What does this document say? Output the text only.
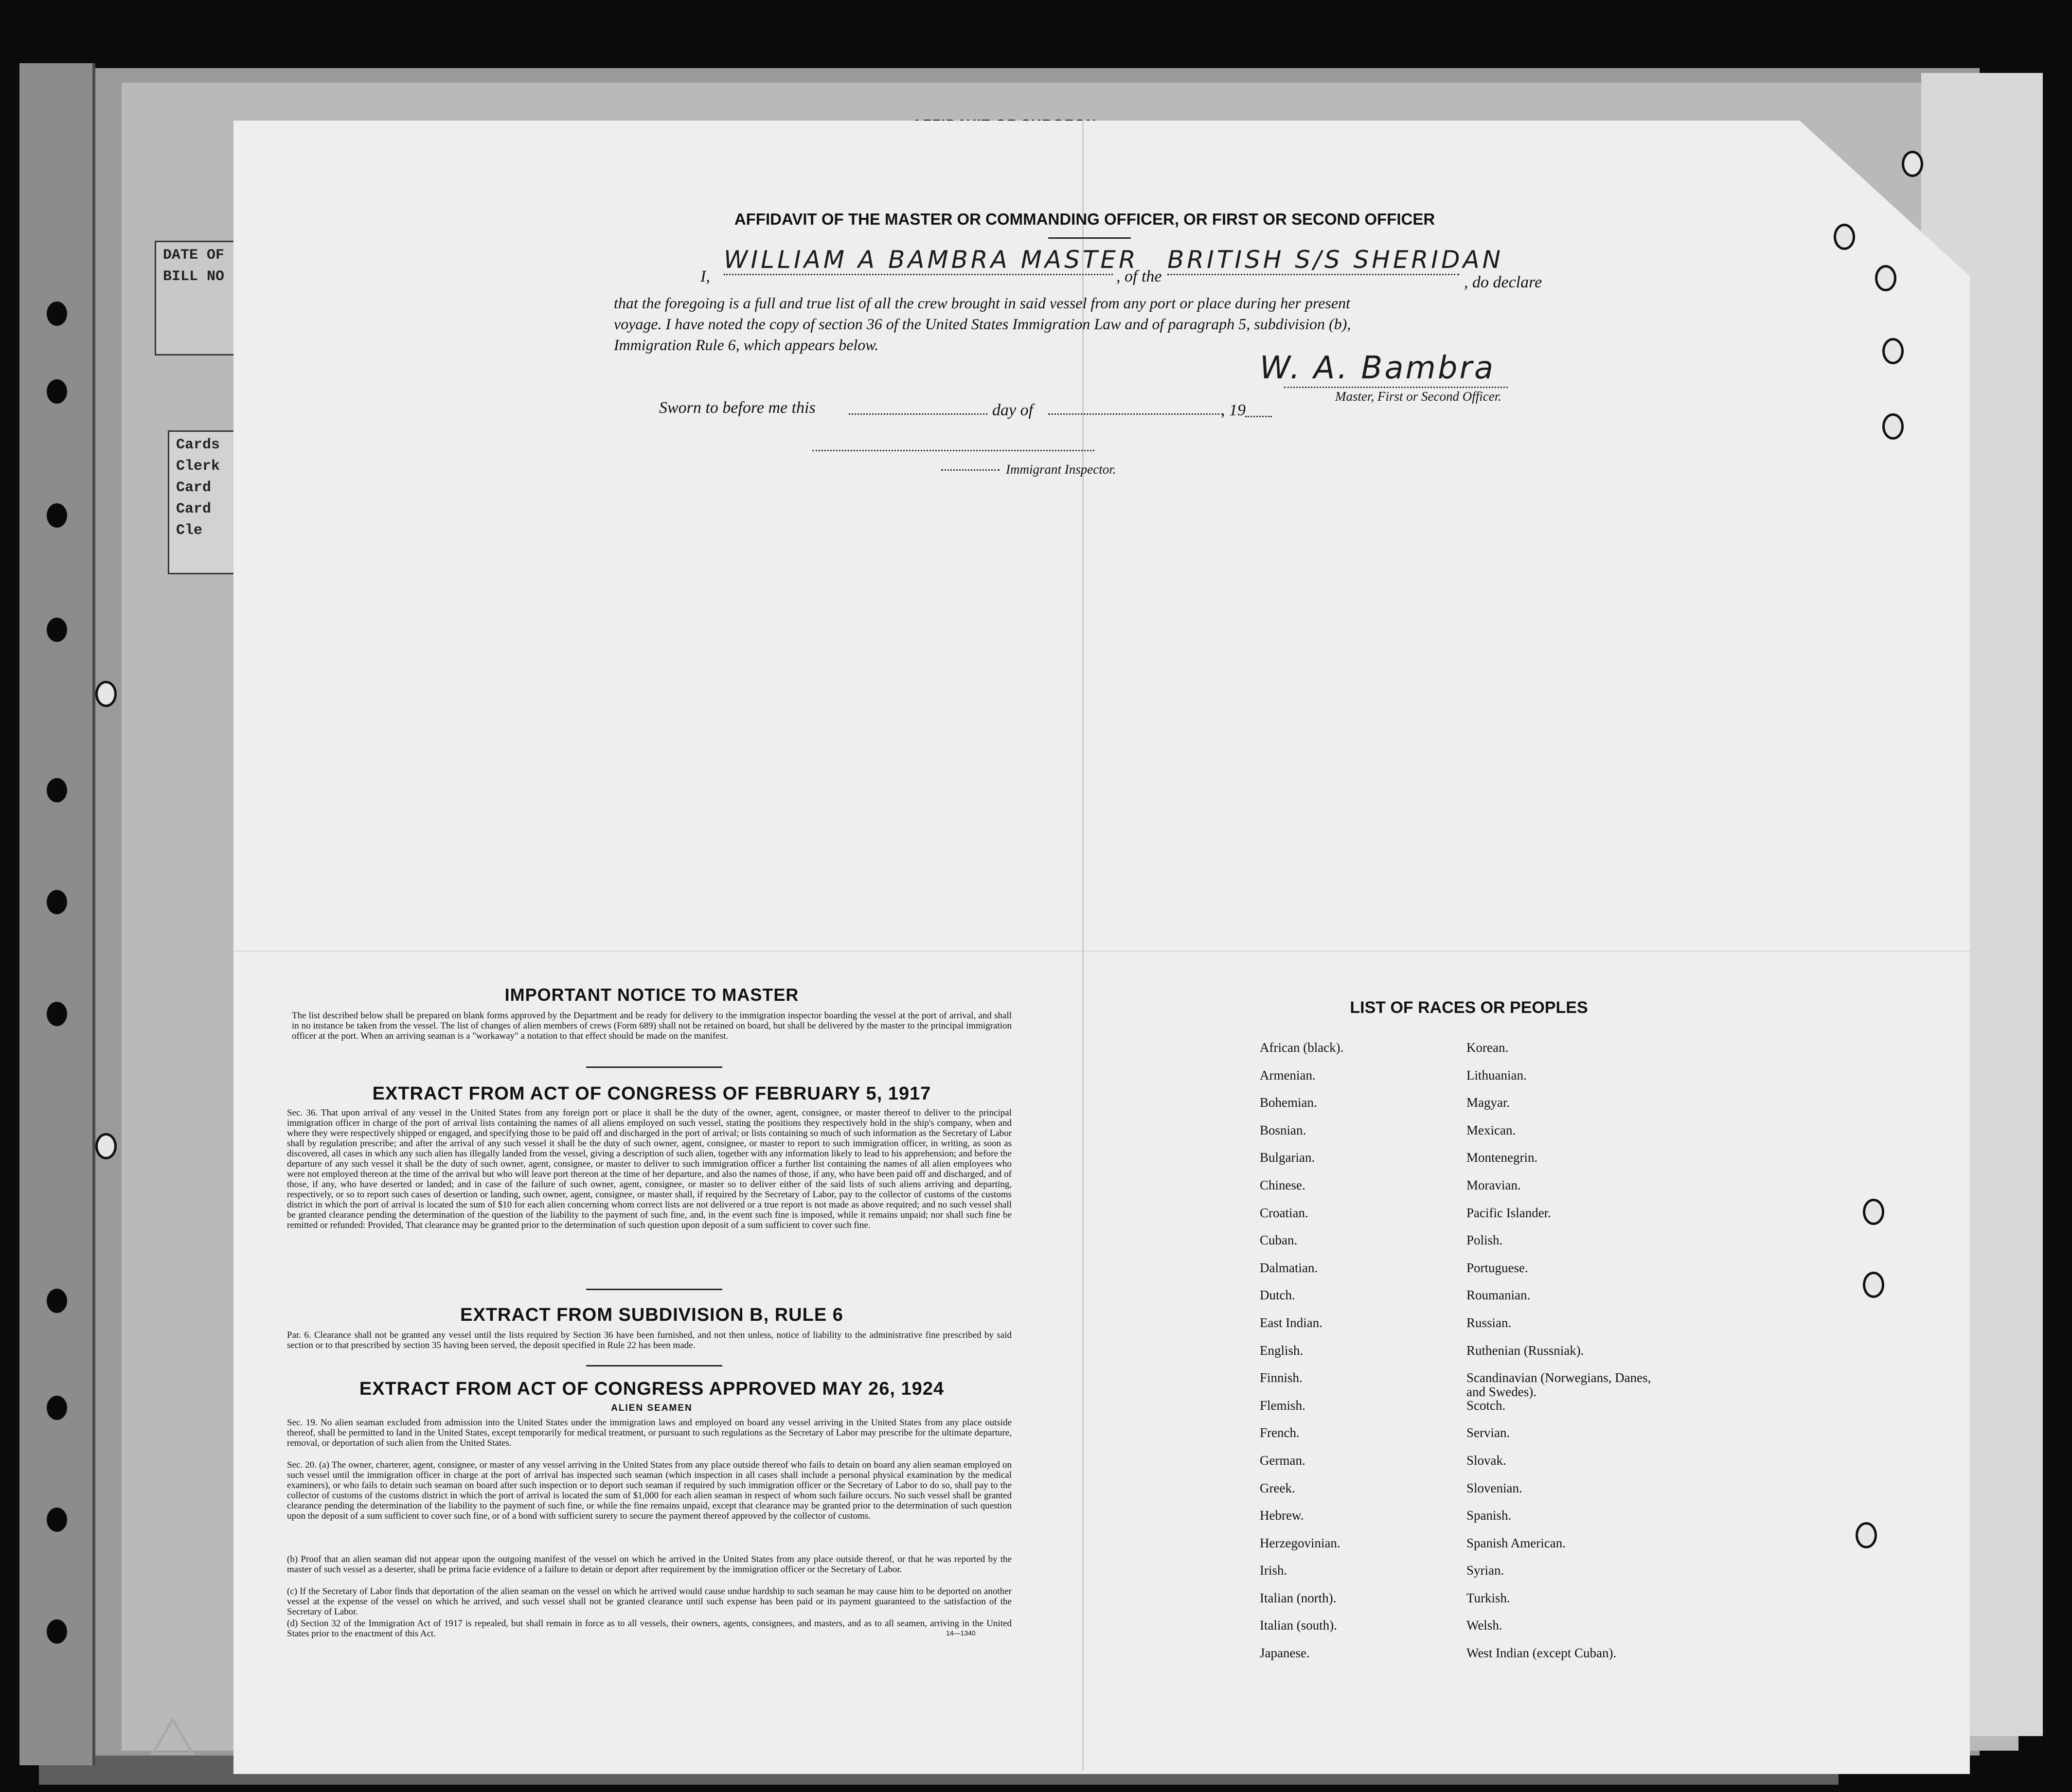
DATE OF
BILL NO
Cards
Clerk
Card
Card
Cle
AFFIDAVIT OF THE MASTER OR COMMANDING OFFICER, OR FIRST OR SECOND OFFICER
I,
WILLIAM A BAMBRA MASTER
, of the
BRITISH S/S SHERIDAN
, do declare
that the foregoing is a full and true list of all the crew brought in said vessel from any port or place during her present
voyage. I have noted the copy of section 36 of the United States Immigration Law and of paragraph 5, subdivision (b),
Immigration Rule 6, which appears below.
W. A. Bambra
Master, First or Second Officer.
Sworn to before me this	day of	, 19
Immigrant Inspector.
IMPORTANT NOTICE TO MASTER
The list described below shall be prepared on blank forms approved by the Department and be ready for delivery to the immigration inspector boarding the vessel at the port of arrival, and shall in no instance be taken from the vessel. The list of changes of alien members of crews (Form 689) shall not be retained on board, but shall be delivered by the master to the principal immigration officer at the port. When an arriving seaman is a "workaway" a notation to that effect should be made on the manifest.
EXTRACT FROM ACT OF CONGRESS OF FEBRUARY 5, 1917
Sec. 36. That upon arrival of any vessel in the United States from any foreign port or place it shall be the duty of the owner, agent, consignee, or master thereof to deliver to the principal immigration officer in charge of the port of arrival lists containing the names of all aliens employed on such vessel, stating the positions they respectively hold in the ship's company, when and where they were respectively shipped or engaged, and specifying those to be paid off and discharged in the port of arrival; or lists containing so much of such information as the Secretary of Labor shall by regulation prescribe; and after the arrival of any such vessel it shall be the duty of such owner, agent, consignee, or master to report to such immigration officer, in writing, as soon as discovered, all cases in which any such alien has illegally landed from the vessel, giving a description of such alien, together with any information likely to lead to his apprehension; and before the departure of any such vessel it shall be the duty of such owner, agent, consignee, or master to deliver to such immigration officer a further list containing the names of all alien employees who were not employed thereon at the time of the arrival but who will leave port thereon at the time of her departure, and also the names of those, if any, who have been paid off and discharged, and of those, if any, who have deserted or landed; and in case of the failure of such owner, agent, consignee, or master so to deliver either of the said lists of such aliens arriving and departing, respectively, or so to report such cases of desertion or landing, such owner, agent, consignee, or master shall, if required by the Secretary of Labor, pay to the collector of customs of the customs district in which the port of arrival is located the sum of $10 for each alien concerning whom correct lists are not delivered or a true report is not made as above required; and no such vessel shall be granted clearance pending the determination of the question of the liability to the payment of such fine, and, in the event such fine is imposed, while it remains unpaid; nor shall such fine be remitted or refunded: Provided, That clearance may be granted prior to the determination of such question upon deposit of a sum sufficient to cover such fine.
EXTRACT FROM SUBDIVISION B, RULE 6
Par. 6. Clearance shall not be granted any vessel until the lists required by Section 36 have been furnished, and not then unless, notice of liability to the administrative fine prescribed by said section or to that prescribed by section 35 having been served, the deposit specified in Rule 22 has been made.
EXTRACT FROM ACT OF CONGRESS APPROVED MAY 26, 1924
ALIEN SEAMEN
Sec. 19. No alien seaman excluded from admission into the United States under the immigration laws and employed on board any vessel arriving in the United States from any place outside thereof, shall be permitted to land in the United States, except temporarily for medical treatment, or pursuant to such regulations as the Secretary of Labor may prescribe for the ultimate departure, removal, or deportation of such alien from the United States.
Sec. 20. (a) The owner, charterer, agent, consignee, or master of any vessel arriving in the United States from any place outside thereof who fails to detain on board any alien seaman employed on such vessel until the immigration officer in charge at the port of arrival has inspected such seaman (which inspection in all cases shall include a personal physical examination by the medical examiners), or who fails to detain such seaman on board after such inspection or to deport such seaman if required by such immigration officer or the Secretary of Labor to do so, shall pay to the collector of customs of the customs district in which the port of arrival is located the sum of $1,000 for each alien seaman in respect of whom such failure occurs. No such vessel shall be granted clearance pending the determination of the liability to the payment of such fine, or while the fine remains unpaid, except that clearance may be granted prior to the determination of such question upon the deposit of a sum sufficient to cover such fine, or of a bond with sufficient surety to secure the payment thereof approved by the collector of customs.
(b) Proof that an alien seaman did not appear upon the outgoing manifest of the vessel on which he arrived in the United States from any place outside thereof, or that he was reported by the master of such vessel as a deserter, shall be prima facie evidence of a failure to detain or deport after requirement by the immigration officer or the Secretary of Labor.
(c) If the Secretary of Labor finds that deportation of the alien seaman on the vessel on which he arrived would cause undue hardship to such seaman he may cause him to be deported on another vessel at the expense of the vessel on which he arrived, and such vessel shall not be granted clearance until such expense has been paid or its payment guaranteed to the satisfaction of the Secretary of Labor.
(d) Section 32 of the Immigration Act of 1917 is repealed, but shall remain in force as to all vessels, their owners, agents, consignees, and masters, and as to all seamen, arriving in the United States prior to the enactment of this Act.	14—1340
LIST OF RACES OR PEOPLES
African (black).
Armenian.
Bohemian.
Bosnian.
Bulgarian.
Chinese.
Croatian.
Cuban.
Dalmatian.
Dutch.
East Indian.
English.
Finnish.
Flemish.
French.
German.
Greek.
Hebrew.
Herzegovinian.
Irish.
Italian (north).
Italian (south).
Japanese.
Korean.
Lithuanian.
Magyar.
Mexican.
Montenegrin.
Moravian.
Pacific Islander.
Polish.
Portuguese.
Roumanian.
Russian.
Ruthenian (Russniak).
Scandinavian (Norwegians, Danes, and Swedes).
Scotch.
Servian.
Slovak.
Slovenian.
Spanish.
Spanish American.
Syrian.
Turkish.
Welsh.
West Indian (except Cuban).
